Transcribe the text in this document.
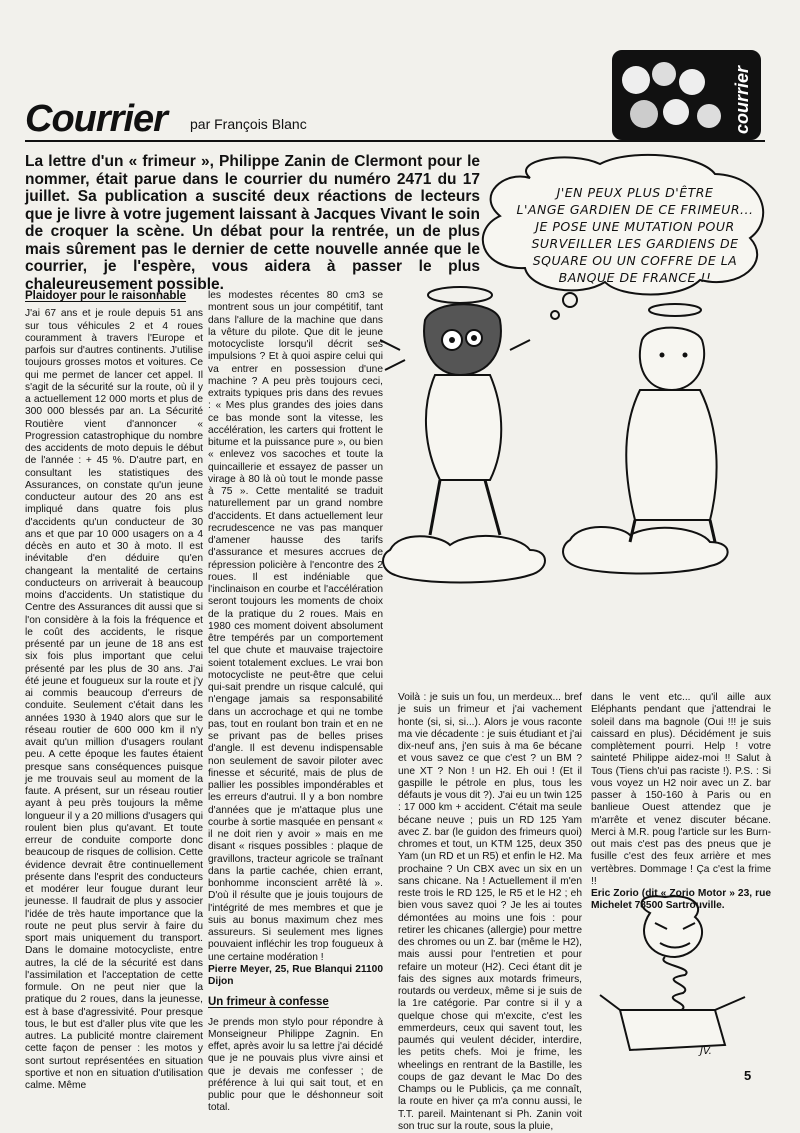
Courrier par François Blanc	courrier
La lettre d'un « frimeur », Philippe Zanin de Clermont pour le nommer, était parue dans le courrier du numéro 2471 du 17 juillet. Sa publication a suscité deux réactions de lecteurs que je livre à votre jugement laissant à Jacques Vivant le soin de croquer la scène. Un débat pour la rentrée, un de plus mais sûrement pas le dernier de cette nouvelle année que le courrier, je l'espère, vous aidera à passer le plus chaleureusement possible.
Plaidoyer pour le raisonnable

J'ai 67 ans et je roule depuis 51 ans sur tous véhicules 2 et 4 roues couramment à travers l'Europe et parfois sur d'autres continents. J'utilise toujours grosses motos et voitures. Ce qui me permet de lancer cet appel. Il s'agit de la sécurité sur la route, où il y a actuellement 12 000 morts et plus de 300 000 blessés par an. La Sécurité Routière vient d'annoncer « Progression catastrophique du nombre des accidents de moto depuis le début de l'année : + 45 %. D'autre part, en consultant les statistiques des Assurances, on constate qu'un jeune conducteur autour des 20 ans est impliqué dans quatre fois plus d'accidents qu'un conducteur de 30 ans et que par 10 000 usagers on a 4 décès en auto et 30 à moto. Il est inévitable d'en déduire qu'en changeant la mentalité de certains conducteurs on arriverait à beaucoup moins d'accidents. Un statistique du Centre des Assurances dit aussi que si l'on considère à la fois la fréquence et le coût des accidents, le risque présenté par un jeune de 18 ans est six fois plus important que celui présenté par les plus de 30 ans. J'ai été jeune et fougueux sur la route et j'y ai commis beaucoup d'erreurs de conduite. Seulement c'était dans les années 1930 à 1940 alors que sur le réseau routier de 600 000 km il n'y avait qu'un million d'usagers roulant peu. A cette époque les fautes étaient presque sans conséquences puisque je me trouvais seul au moment de la faute. A présent, sur un réseau routier ayant à peu près toujours la même longueur il y a 20 millions d'usagers qui roulent bien plus qu'avant. Et toute erreur de conduite comporte donc beaucoup de risques de collision. Cette évidence devrait être continuellement présente dans l'esprit des conducteurs et modérer leur fougue durant leur jeunesse. Il faudrait de plus y associer l'idée de très haute importance que la route ne peut plus servir à faire du sport mais uniquement du transport. Dans le domaine motocycliste, entre autres, la clé de la sécurité est dans l'assimilation et l'acceptation de cette formule. On ne peut nier que la pratique du 2 roues, dans la jeunesse, est à base d'agressivité. Pour presque tous, le but est d'aller plus vite que les autres. La publicité montre clairement cette façon de penser : les motos y sont surtout représentées en situation sportive et non en situation d'utilisation calme. Même

les modestes récentes 80 cm3 se montrent sous un jour compétitif, tant dans l'allure de la machine que dans la vêture du pilote. Que dit le jeune motocycliste lorsqu'il décrit ses impulsions ? Et à quoi aspire celui qui va entrer en possession d'une machine ? A peu près toujours ceci, extraits typiques pris dans des revues : « Mes plus grandes des joies dans ce bas monde sont la vitesse, les accélération, les carters qui frottent le bitume et la puissance pure », ou bien « enlevez vos sacoches et toute la quincaillerie et essayez de passer un virage à 80 là où tout le monde passe à 75 ». Cette mentalité se traduit naturellement par un grand nombre d'accidents. Et dans actuellement leur recrudescence ne vas pas manquer d'amener hausse des tarifs d'assurance et mesures accrues de répression policière à l'encontre des 2 roues. Il est indéniable que l'inclinaison en courbe et l'accélération seront toujours les moments de choix de la pratique du 2 roues. Mais en 1980 ces moment doivent absolument être tempérés par un comportement tel que chute et mauvaise trajectoire soient totalement exclues. Le vrai bon motocycliste ne peut-être que celui qui-sait prendre un risque calculé, qui n'engage jamais sa responsabilité dans un accrochage et qui ne tombe pas, tout en roulant bon train et en ne se privant pas de belles prises d'angle. Il est devenu indispensable non seulement de savoir piloter avec finesse et sécurité, mais de plus de pallier les possibles impondérables et les erreurs d'autrui. Il y a bon nombre d'années que je m'attaque plus une courbe à sortie masquée en pensant « il ne doit rien y avoir » mais en me disant « risques possibles : plaque de gravillons, tracteur agricole se traînant dans la partie cachée, chien errant, bonhomme inconscient arrêté là ». D'où il résulte que je jouis toujours de l'intégrité de mes membres et que je suis au bonus maximum chez mes assureurs. Si seulement mes lignes pouvaient infléchir les trop fougueux à une certaine modération !

Pierre Meyer, 25, Rue Blanqui 21100 Dijon

Un frimeur à confesse

Je prends mon stylo pour répondre à Monseigneur Philippe Zagnin. En effet, après avoir lu sa lettre j'ai décidé que je ne pouvais plus vivre ainsi et que je devais me confesser ; de préférence à lui qui sait tout, et en public pour que le déshonneur soit total.

J'EN PEUX PLUS D'ÊTRE
L'ANGE GARDIEN DE CE FRIMEUR...
JE POSE UNE MUTATION POUR
SURVEILLER LES GARDIENS DE
SQUARE OU UN COFFRE DE LA
BANQUE DE FRANCE !!
JV.

Voilà : je suis un fou, un merdeux... bref je suis un frimeur et j'ai vachement honte (si, si, si...). Alors je vous raconte ma vie décadente : je suis étudiant et j'ai dix-neuf ans, j'en suis à ma 6e bécane et vous savez ce que c'est ? un BM ? une XT ? Non ! un H2. Eh oui ! (Et il gaspille le pétrole en plus, tous les défauts je vous dit ?). J'ai eu un twin 125 : 17 000 km + accident. C'était ma seule bécane neuve ; puis un RD 125 Yam avec Z. bar (le guidon des frimeurs quoi) chromes et tout, un KTM 125, deux 350 Yam (un RD et un R5) et enfin le H2. Ma prochaine ? Un CBX avec un six en un sans chicane. Na ! Actuellement il m'en reste trois le RD 125, le R5 et le H2 ; eh bien vous savez quoi ? Je les ai toutes démontées au moins une fois : pour retirer les chicanes (allergie) pour mettre des chromes ou un Z. bar (même le H2), mais aussi pour l'entretien et pour refaire un moteur (H2). Ceci étant dit je fais des signes aux motards frimeurs, routards ou verdeux, même si je suis de la 1re catégorie. Par contre si il y a quelque chose qui m'excite, c'est les emmerdeurs, ceux qui savent tout, les paumés qui veulent décider, interdire, les petits chefs. Moi je frime, les wheelings en rentrant de la Bastille, les coups de gaz devant le Mac Do des Champs ou le Publicis, ça me connaît, la route en hiver ça m'a connu aussi, le T.T. pareil. Maintenant si Ph. Zanin voit son truc sur la route, sous la pluie,

dans le vent etc... qu'il aille aux Eléphants pendant que j'attendrai le soleil dans ma bagnole (Oui !!! je suis caissard en plus). Décidément je suis complètement pourri. Help ! votre sainteté Philippe aidez-moi !! Salut à Tous (Tiens ch'ui pas raciste !). P.S. : Si vous voyez un H2 noir avec un Z. bar passer à 150-160 à Paris ou en banlieue Ouest attendez que je m'arrête et venez discuter bécane. Merci à M.R. poug l'article sur les Burn-out mais c'est pas des pneus que je fusille c'est des feux arrière et mes vertèbres. Dommage ! Ça c'est la frime !!

Eric Zorio (dit « Zorio Motor » 23, rue Michelet 78500 Sartrouville.

5
